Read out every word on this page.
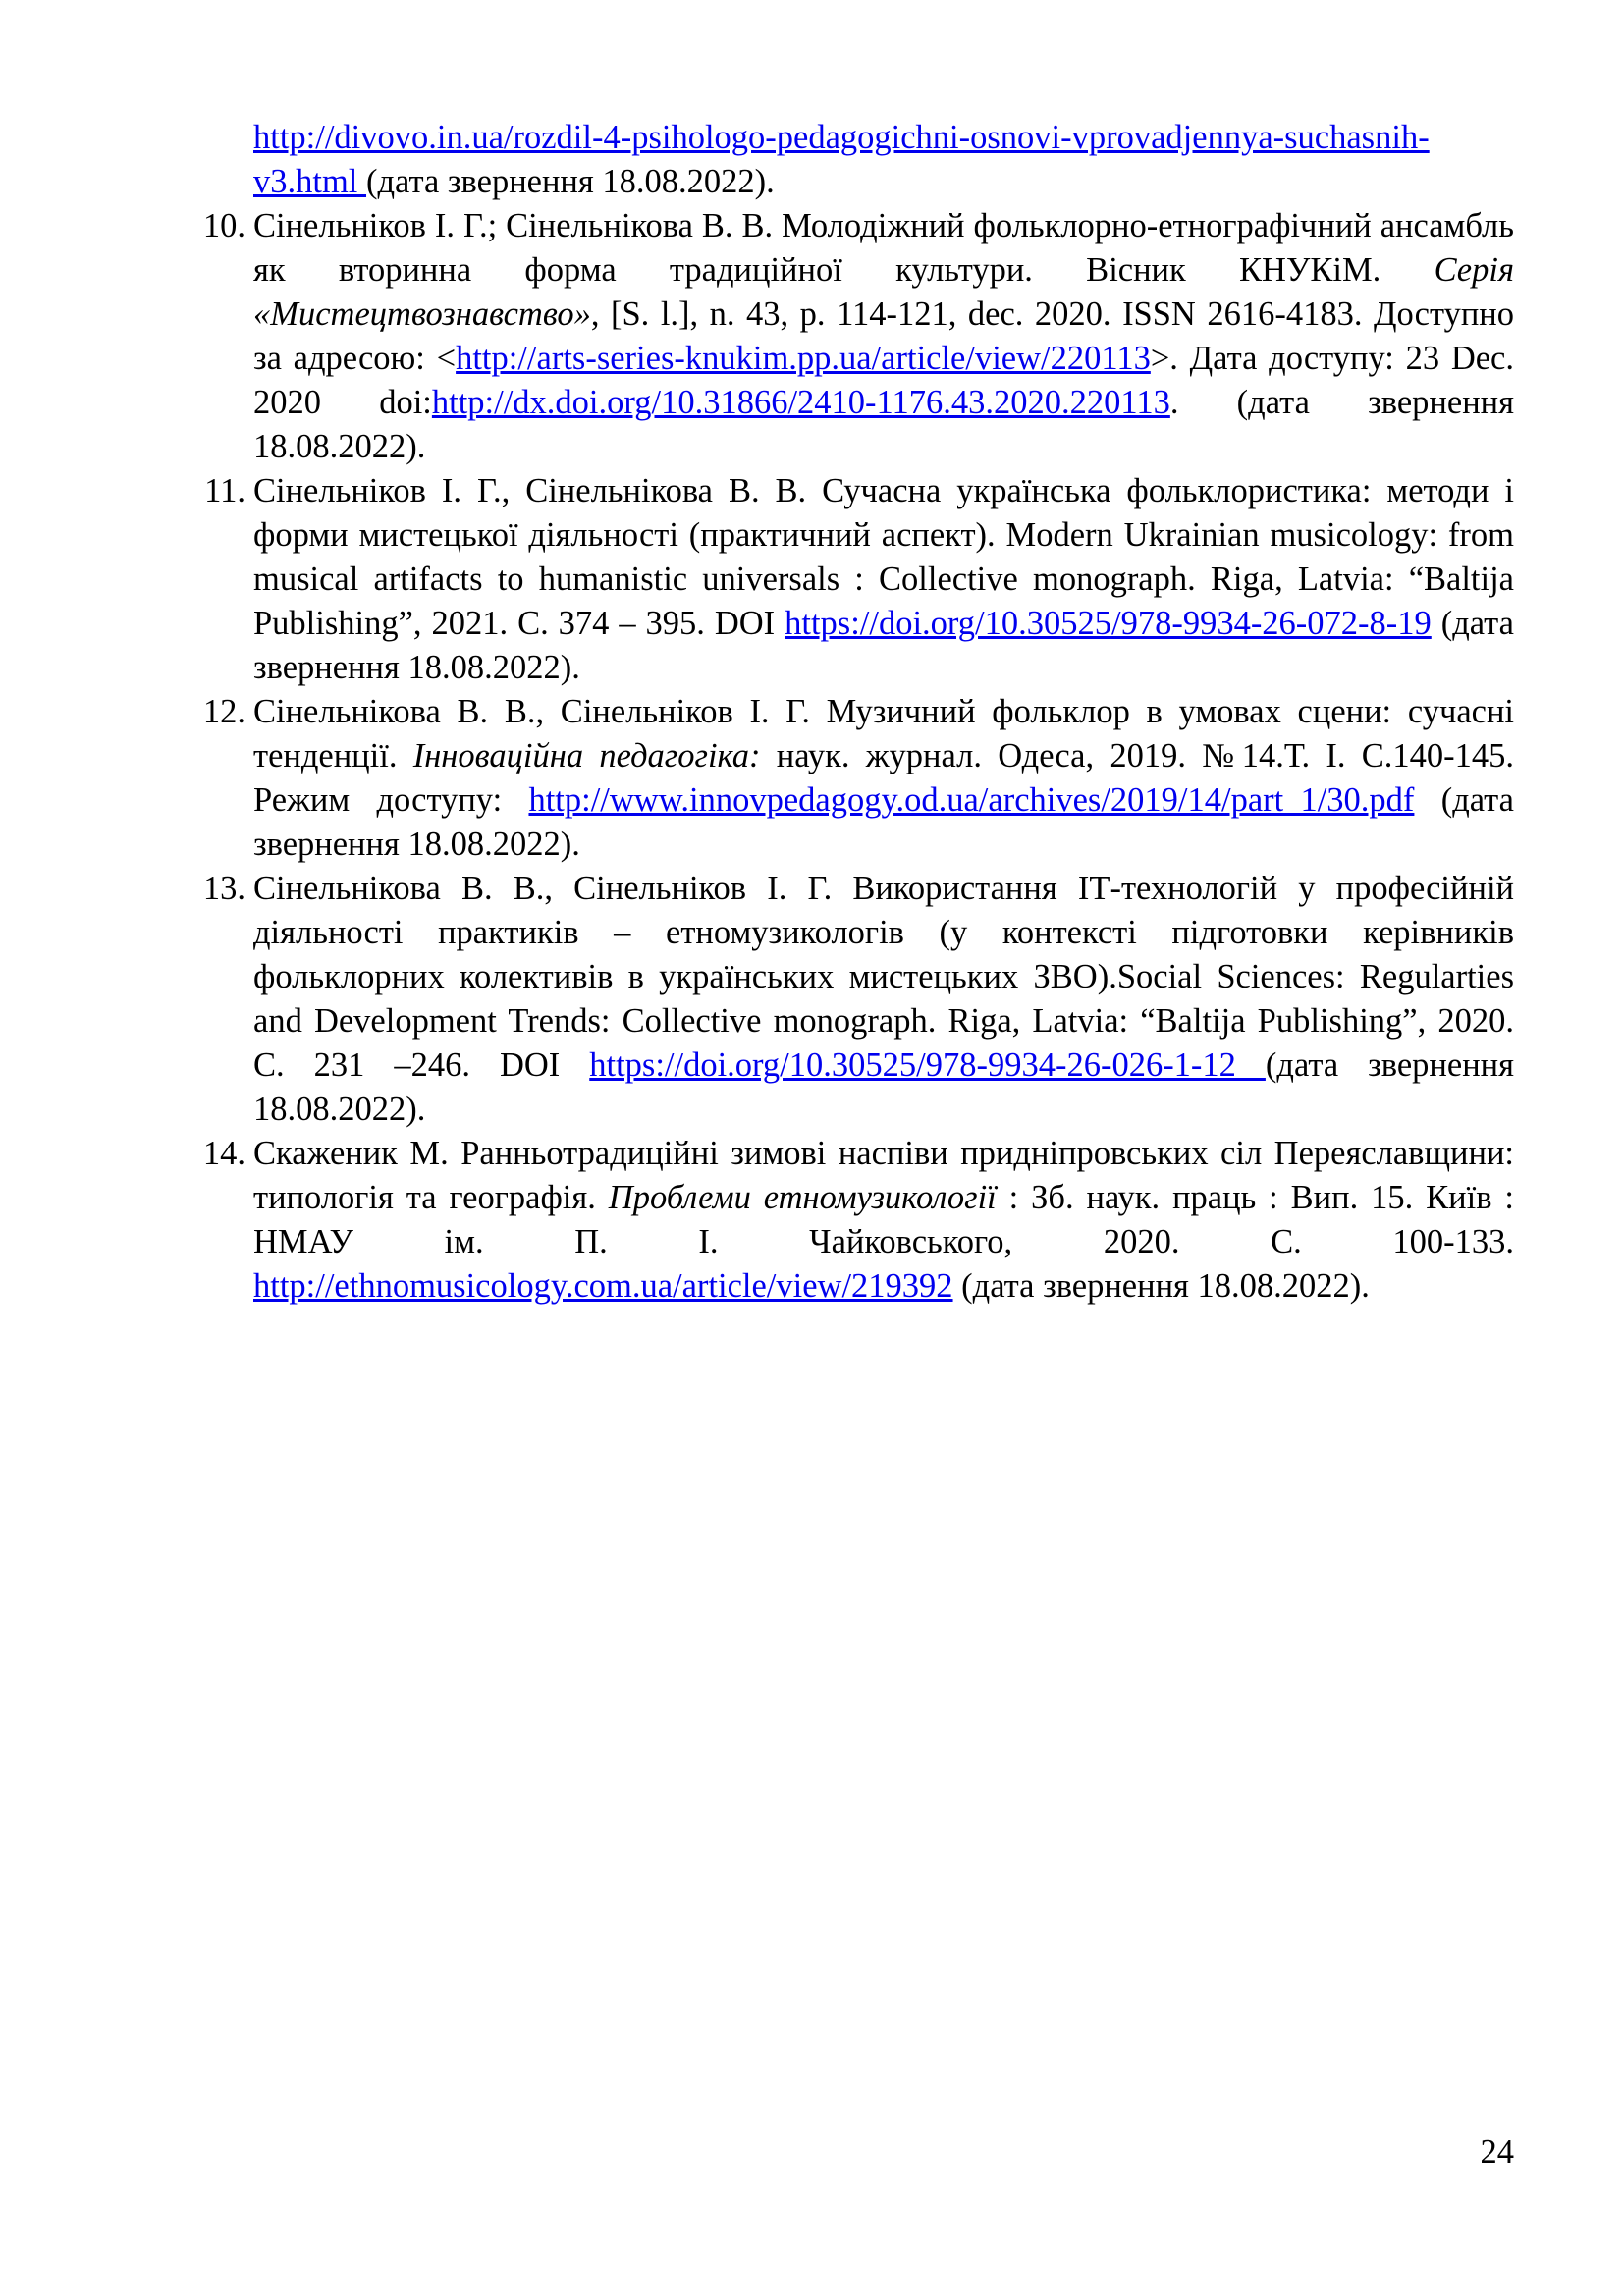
http://divovo.in.ua/rozdil-4-psihologo-pedagogichni-osnovi-vprovadjennya-suchasnih-v3.html (дата звернення 18.08.2022).
10. Сінельніков І. Г.; Сінельнікова В. В. Молодіжний фольклорно-етнографічний ансамбль як вторинна форма традиційної культури. Вісник КНУКіМ. Серія «Мистецтвознавство», [S. l.], n. 43, p. 114-121, dec. 2020. ISSN 2616-4183. Доступно за адресою: <http://arts-series-knukim.pp.ua/article/view/220113>. Дата доступу: 23 Dec. 2020 doi:http://dx.doi.org/10.31866/2410-1176.43.2020.220113. (дата звернення 18.08.2022).
11. Сінельніков І. Г., Сінельнікова В. В. Сучасна українська фольклористика: методи і форми мистецької діяльності (практичний аспект). Modern Ukrainian musicology: from musical artifacts to humanistic universals : Collective monograph. Riga, Latvia: “Baltija Publishing”, 2021. С. 374 – 395. DOI https://doi.org/10.30525/978-9934-26-072-8-19 (дата звернення 18.08.2022).
12. Сінельнікова В. В., Сінельніков І. Г. Музичний фольклор в умовах сцени: сучасні тенденції. Інноваційна педагогіка: наук. журнал. Одеса, 2019. №14.Т. І. С.140-145. Режим доступу: http://www.innovpedagogy.od.ua/archives/2019/14/part_1/30.pdf (дата звернення 18.08.2022).
13. Сінельнікова В. В., Сінельніков І. Г. Використання ІТ-технологій у професійній діяльності практиків – етномузикологів (у контексті підготовки керівників фольклорних колективів в українських мистецьких ЗВО).Social Sciences: Regularties and Development Trends: Collective monograph. Riga, Latvia: “Baltija Publishing”, 2020. С. 231 –246. DOI https://doi.org/10.30525/978-9934-26-026-1-12 (дата звернення 18.08.2022).
14. Скаженик М. Ранньотрадиційні зимові наспіви придніпровських сіл Переяславщини: типологія та географія. Проблеми етномузикології : Зб. наук. праць : Вип. 15. Київ : НМАУ ім. П. І. Чайковського, 2020. С. 100-133. http://ethnomusicology.com.ua/article/view/219392 (дата звернення 18.08.2022).
24
